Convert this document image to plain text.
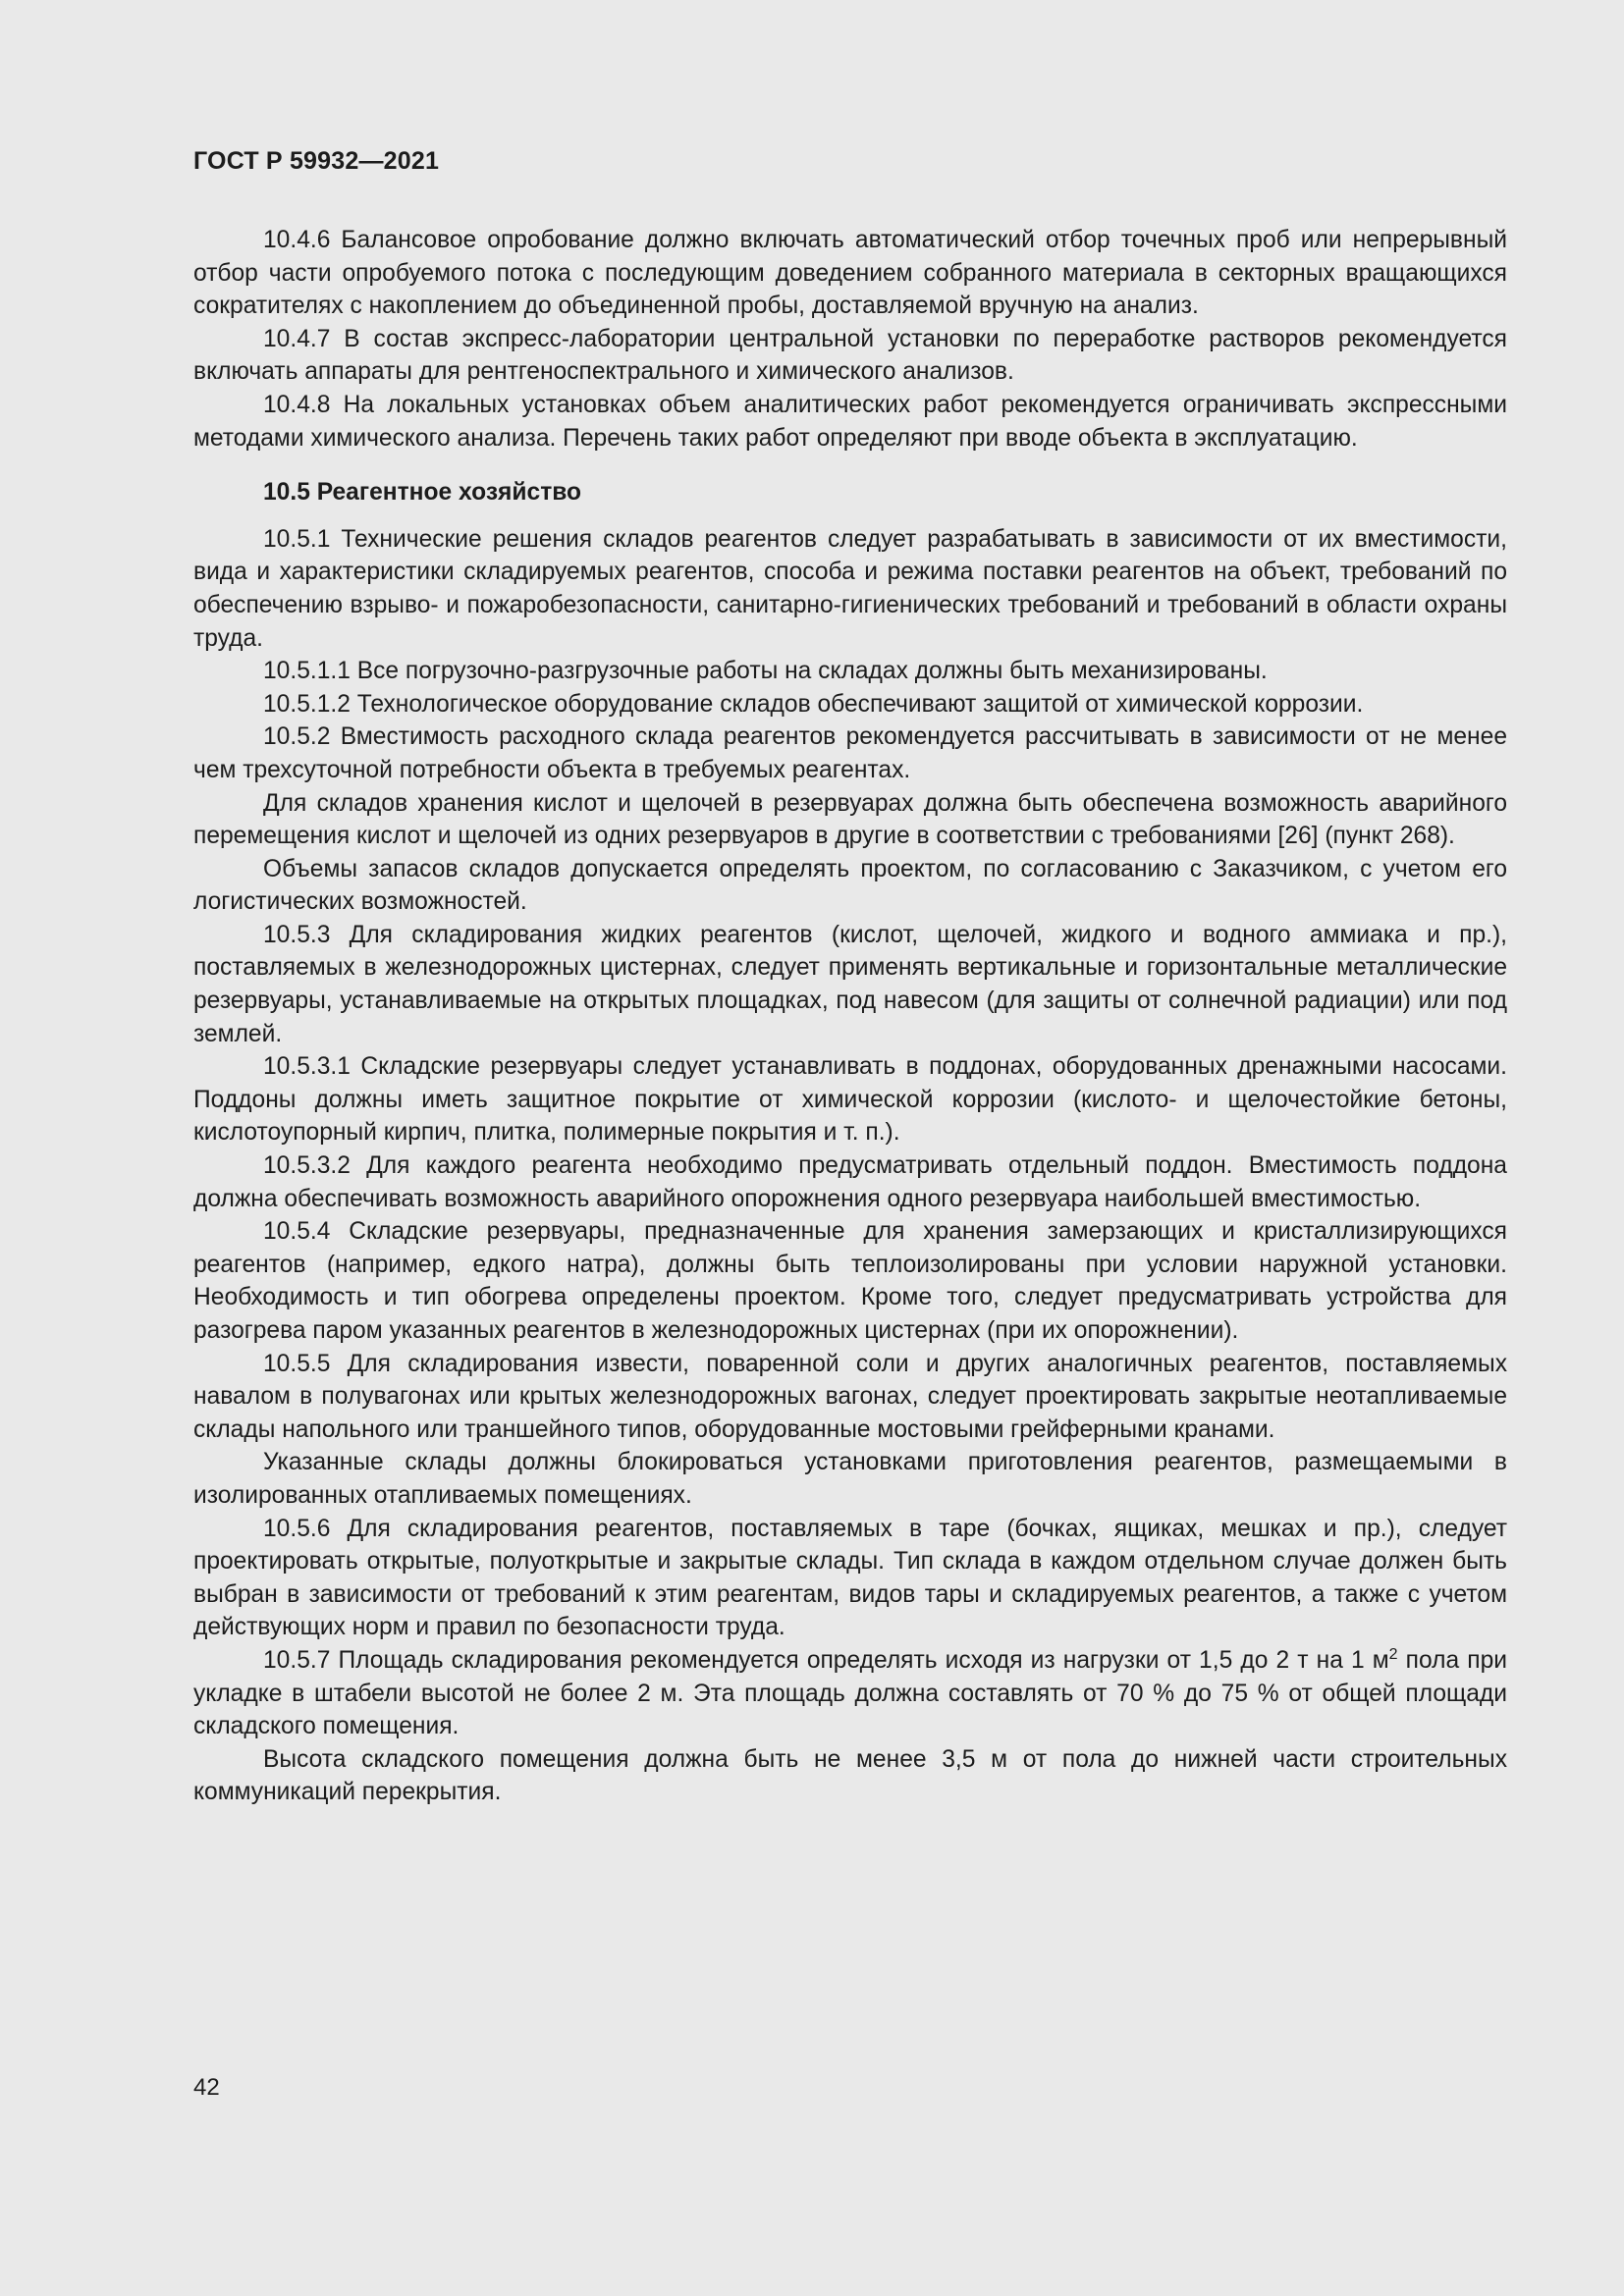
ГОСТ Р 59932—2021

10.4.6 Балансовое опробование должно включать автоматический отбор точечных проб или непрерывный отбор части опробуемого потока с последующим доведением собранного материала в секторных вращающихся сократителях с накоплением до объединенной пробы, доставляемой вручную на анализ.

10.4.7 В состав экспресс-лаборатории центральной установки по переработке растворов рекомендуется включать аппараты для рентгеноспектрального и химического анализов.

10.4.8 На локальных установках объем аналитических работ рекомендуется ограничивать экспрессными методами химического анализа. Перечень таких работ определяют при вводе объекта в эксплуатацию.

10.5 Реагентное хозяйство

10.5.1 Технические решения складов реагентов следует разрабатывать в зависимости от их вместимости, вида и характеристики складируемых реагентов, способа и режима поставки реагентов на объект, требований по обеспечению взрыво- и пожаробезопасности, санитарно-гигиенических требований и требований в области охраны труда.

10.5.1.1 Все погрузочно-разгрузочные работы на складах должны быть механизированы.

10.5.1.2 Технологическое оборудование складов обеспечивают защитой от химической коррозии.

10.5.2 Вместимость расходного склада реагентов рекомендуется рассчитывать в зависимости от не менее чем трехсуточной потребности объекта в требуемых реагентах.

Для складов хранения кислот и щелочей в резервуарах должна быть обеспечена возможность аварийного перемещения кислот и щелочей из одних резервуаров в другие в соответствии с требованиями [26] (пункт 268).

Объемы запасов складов допускается определять проектом, по согласованию с Заказчиком, с учетом его логистических возможностей.

10.5.3 Для складирования жидких реагентов (кислот, щелочей, жидкого и водного аммиака и пр.), поставляемых в железнодорожных цистернах, следует применять вертикальные и горизонтальные металлические резервуары, устанавливаемые на открытых площадках, под навесом (для защиты от солнечной радиации) или под землей.

10.5.3.1 Складские резервуары следует устанавливать в поддонах, оборудованных дренажными насосами. Поддоны должны иметь защитное покрытие от химической коррозии (кислото- и щелочестойкие бетоны, кислотоупорный кирпич, плитка, полимерные покрытия и т. п.).

10.5.3.2 Для каждого реагента необходимо предусматривать отдельный поддон. Вместимость поддона должна обеспечивать возможность аварийного опорожнения одного резервуара наибольшей вместимостью.

10.5.4 Складские резервуары, предназначенные для хранения замерзающих и кристаллизирующихся реагентов (например, едкого натра), должны быть теплоизолированы при условии наружной установки. Необходимость и тип обогрева определены проектом. Кроме того, следует предусматривать устройства для разогрева паром указанных реагентов в железнодорожных цистернах (при их опорожнении).

10.5.5 Для складирования извести, поваренной соли и других аналогичных реагентов, поставляемых навалом в полувагонах или крытых железнодорожных вагонах, следует проектировать закрытые неотапливаемые склады напольного или траншейного типов, оборудованные мостовыми грейферными кранами.

Указанные склады должны блокироваться установками приготовления реагентов, размещаемыми в изолированных отапливаемых помещениях.

10.5.6 Для складирования реагентов, поставляемых в таре (бочках, ящиках, мешках и пр.), следует проектировать открытые, полуоткрытые и закрытые склады. Тип склада в каждом отдельном случае должен быть выбран в зависимости от требований к этим реагентам, видов тары и складируемых реагентов, а также с учетом действующих норм и правил по безопасности труда.

10.5.7 Площадь складирования рекомендуется определять исходя из нагрузки от 1,5 до 2 т на 1 $м^2$ пола при укладке в штабели высотой не более 2 м. Эта площадь должна составлять от 70 % до 75 % от общей площади складского помещения.

Высота складского помещения должна быть не менее 3,5 м от пола до нижней части строительных коммуникаций перекрытия.

42
